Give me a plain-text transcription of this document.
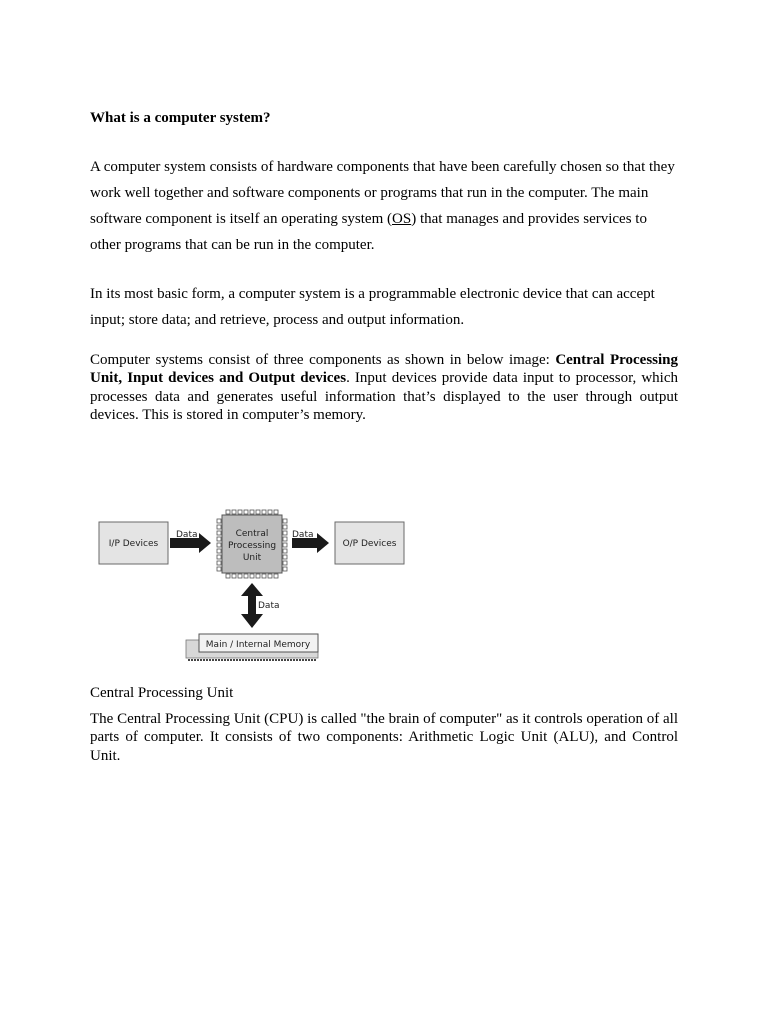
What is a computer system?

A computer system consists of hardware components that have been carefully chosen so that they work well together and software components or programs that run in the computer. The main software component is itself an operating system (OS) that manages and provides services to other programs that can be run in the computer.

In its most basic form, a computer system is a programmable electronic device that can accept input; store data; and retrieve, process and output information.

Computer systems consist of three components as shown in below image: Central Processing Unit, Input devices and Output devices. Input devices provide data input to processor, which processes data and generates useful information that’s displayed to the user through output devices. This is stored in computer’s memory.

I/P Devices
Data	Central
Processing
Unit
Data
O/P Devices
Data
Main / Internal Memory
Central Processing Unit

The Central Processing Unit (CPU) is called "the brain of computer" as it controls operation of all parts of computer. It consists of two components: Arithmetic Logic Unit (ALU), and Control Unit.
